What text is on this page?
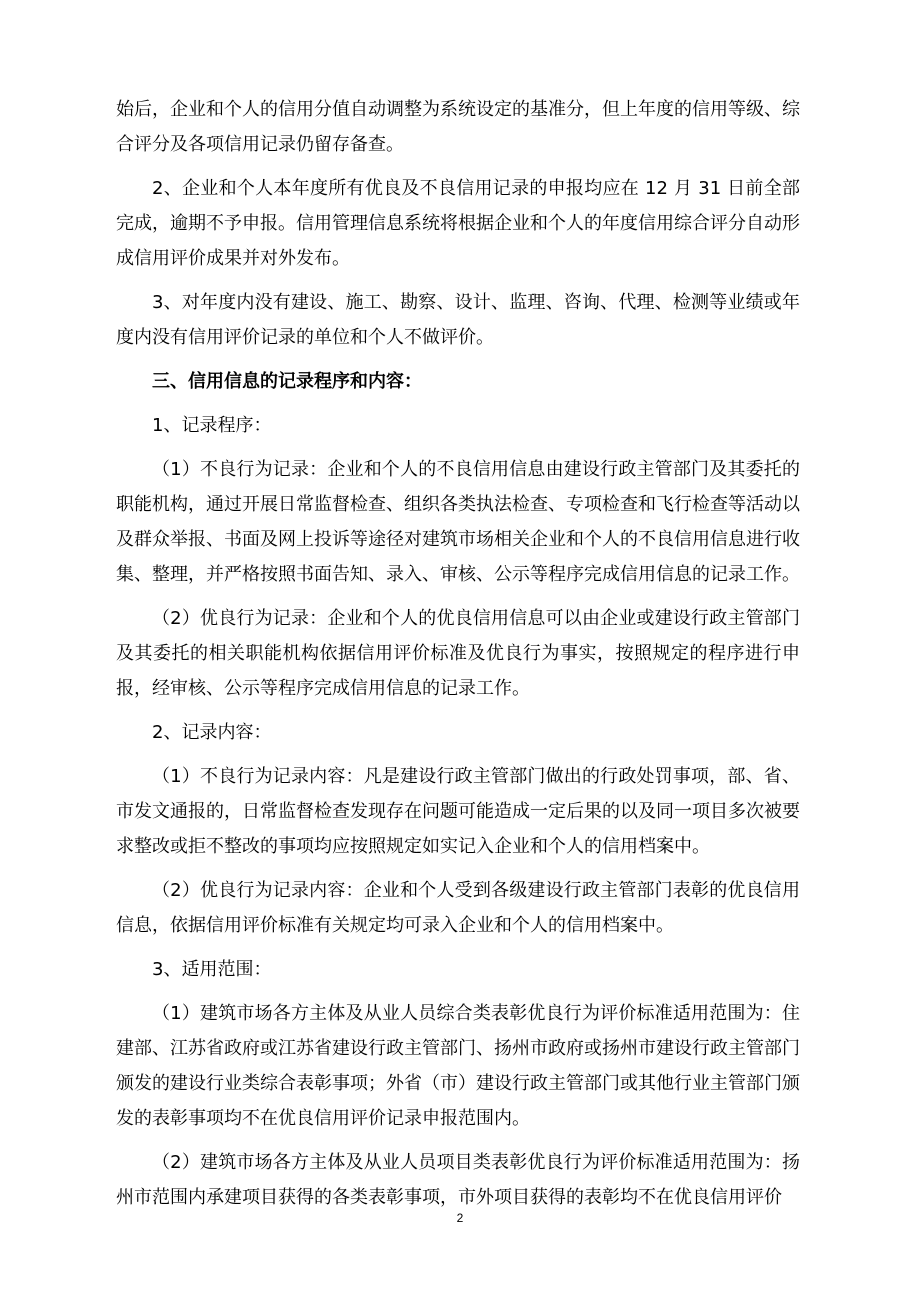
始后，企业和个人的信用分值自动调整为系统设定的基准分，但上年度的信用等级、综合评分及各项信用记录仍留存备查。

2、企业和个人本年度所有优良及不良信用记录的申报均应在 12 月 31 日前全部完成，逾期不予申报。信用管理信息系统将根据企业和个人的年度信用综合评分自动形成信用评价成果并对外发布。

3、对年度内没有建设、施工、勘察、设计、监理、咨询、代理、检测等业绩或年度内没有信用评价记录的单位和个人不做评价。

三、信用信息的记录程序和内容：

1、记录程序：

（1）不良行为记录：企业和个人的不良信用信息由建设行政主管部门及其委托的职能机构，通过开展日常监督检查、组织各类执法检查、专项检查和飞行检查等活动以及群众举报、书面及网上投诉等途径对建筑市场相关企业和个人的不良信用信息进行收集、整理，并严格按照书面告知、录入、审核、公示等程序完成信用信息的记录工作。

（2）优良行为记录：企业和个人的优良信用信息可以由企业或建设行政主管部门及其委托的相关职能机构依据信用评价标准及优良行为事实，按照规定的程序进行申报，经审核、公示等程序完成信用信息的记录工作。

2、记录内容：

（1）不良行为记录内容：凡是建设行政主管部门做出的行政处罚事项，部、省、市发文通报的，日常监督检查发现存在问题可能造成一定后果的以及同一项目多次被要求整改或拒不整改的事项均应按照规定如实记入企业和个人的信用档案中。

（2）优良行为记录内容：企业和个人受到各级建设行政主管部门表彰的优良信用信息，依据信用评价标准有关规定均可录入企业和个人的信用档案中。

3、适用范围：

（1）建筑市场各方主体及从业人员综合类表彰优良行为评价标准适用范围为：住建部、江苏省政府或江苏省建设行政主管部门、扬州市政府或扬州市建设行政主管部门颁发的建设行业类综合表彰事项；外省（市）建设行政主管部门或其他行业主管部门颁发的表彰事项均不在优良信用评价记录申报范围内。

（2）建筑市场各方主体及从业人员项目类表彰优良行为评价标准适用范围为：扬州市范围内承建项目获得的各类表彰事项，市外项目获得的表彰均不在优良信用评价

2
